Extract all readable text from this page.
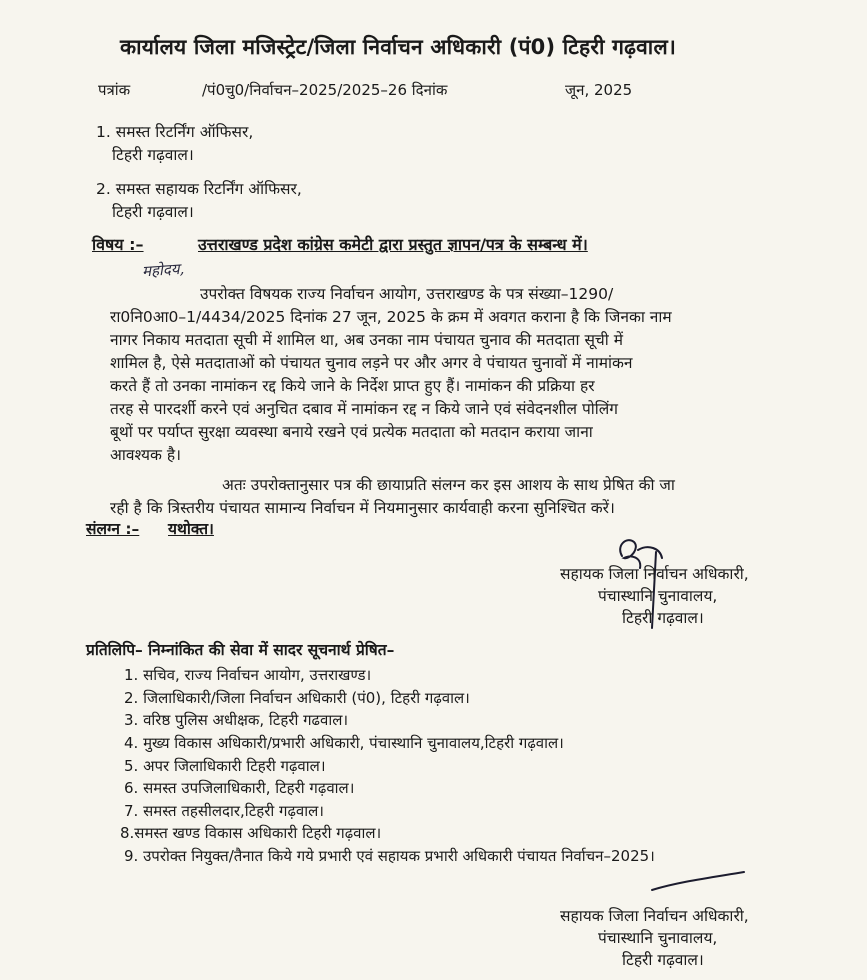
कार्यालय जिला मजिस्ट्रेट/जिला निर्वाचन अधिकारी (पं0) टिहरी गढ़वाल।
पत्रांक	/पं0चु0/निर्वाचन–2025/2025–26 दिनांक	जून, 2025
1. समस्त रिटर्निंग ऑफिसर,
टिहरी गढ़वाल।
2. समस्त सहायक रिटर्निंग ऑफिसर,
टिहरी गढ़वाल।
विषय :–	उत्तराखण्ड प्रदेश कांग्रेस कमेटी द्वारा प्रस्तुत ज्ञापन/पत्र के सम्बन्ध में।
महोदय,
उपरोक्त विषयक राज्य निर्वाचन आयोग, उत्तराखण्ड के पत्र संख्या–1290/
रा0नि0आ0–1/4434/2025 दिनांक 27 जून, 2025 के क्रम में अवगत कराना है कि जिनका नाम
नागर निकाय मतदाता सूची में शामिल था, अब उनका नाम पंचायत चुनाव की मतदाता सूची में
शामिल है, ऐसे मतदाताओं को पंचायत चुनाव लड़ने पर और अगर वे पंचायत चुनावों में नामांकन
करते हैं तो उनका नामांकन रद्द किये जाने के निर्देश प्राप्त हुए हैं। नामांकन की प्रक्रिया हर
तरह से पारदर्शी करने एवं अनुचित दबाव में नामांकन रद्द न किये जाने एवं संवेदनशील पोलिंग
बूथों पर पर्याप्त सुरक्षा व्यवस्था बनाये रखने एवं प्रत्येक मतदाता को मतदान कराया जाना
आवश्यक है।
अतः उपरोक्तानुसार पत्र की छायाप्रति संलग्न कर इस आशय के साथ प्रेषित की जा
रही है कि त्रिस्तरीय पंचायत सामान्य निर्वाचन में नियमानुसार कार्यवाही करना सुनिश्चित करें।
संलग्न :– यथोक्त।
सहायक जिला निर्वाचन अधिकारी,
पंचास्थानि चुनावालय,
टिहरी गढ़वाल।
प्रतिलिपि– निम्नांकित की सेवा में सादर सूचनार्थ प्रेषित–
1. सचिव, राज्य निर्वाचन आयोग, उत्तराखण्ड।
2. जिलाधिकारी/जिला निर्वाचन अधिकारी (पं0), टिहरी गढ़वाल।
3. वरिष्ठ पुलिस अधीक्षक, टिहरी गढवाल।
4. मुख्य विकास अधिकारी/प्रभारी अधिकारी, पंचास्थानि चुनावालय,टिहरी गढ़वाल।
5. अपर जिलाधिकारी टिहरी गढ़वाल।
6. समस्त उपजिलाधिकारी, टिहरी गढ़वाल।
7. समस्त तहसीलदार,टिहरी गढ़वाल।
8.समस्त खण्ड विकास अधिकारी टिहरी गढ़वाल।
9. उपरोक्त नियुक्त/तैनात किये गये प्रभारी एवं सहायक प्रभारी अधिकारी पंचायत निर्वाचन–2025।
सहायक जिला निर्वाचन अधिकारी,
पंचास्थानि चुनावालय,
टिहरी गढ़वाल।
